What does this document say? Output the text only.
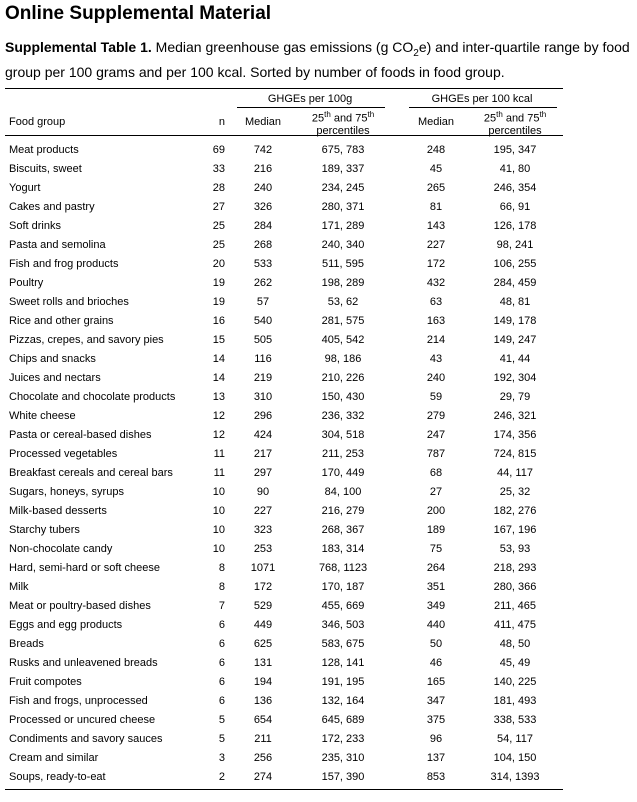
Online Supplemental Material
Supplemental Table 1. Median greenhouse gas emissions (g $CO_2e$) and inter-quartile range by food group per 100 grams and per 100 kcal. Sorted by number of foods in food group.
GHGEs per 100g	GHGEs per 100 kcal
Food group	n	Median	25th and 75th
percentiles
Median	25th and 75th
percentiles
Meat products	69	742	675, 783	248	195, 347
Biscuits, sweet	33	216	189, 337	45	41, 80
Yogurt	28	240	234, 245	265	246, 354
Cakes and pastry	27	326	280, 371	81	66, 91
Soft drinks	25	284	171, 289	143	126, 178
Pasta and semolina	25	268	240, 340	227	98, 241
Fish and frog products	20	533	511, 595	172	106, 255
Poultry	19	262	198, 289	432	284, 459
Sweet rolls and brioches	19	57	53, 62	63	48, 81
Rice and other grains	16	540	281, 575	163	149, 178
Pizzas, crepes, and savory pies	15	505	405, 542	214	149, 247
Chips and snacks	14	116	98, 186	43	41, 44
Juices and nectars	14	219	210, 226	240	192, 304
Chocolate and chocolate products	13	310	150, 430	59	29, 79
White cheese	12	296	236, 332	279	246, 321
Pasta or cereal-based dishes	12	424	304, 518	247	174, 356
Processed vegetables	11	217	211, 253	787	724, 815
Breakfast cereals and cereal bars	11	297	170, 449	68	44, 117
Sugars, honeys, syrups	10	90	84, 100	27	25, 32
Milk-based desserts	10	227	216, 279	200	182, 276
Starchy tubers	10	323	268, 367	189	167, 196
Non-chocolate candy	10	253	183, 314	75	53, 93
Hard, semi-hard or soft cheese	8	1071	768, 1123	264	218, 293
Milk	8	172	170, 187	351	280, 366
Meat or poultry-based dishes	7	529	455, 669	349	211, 465
Eggs and egg products	6	449	346, 503	440	411, 475
Breads	6	625	583, 675	50	48, 50
Rusks and unleavened breads	6	131	128, 141	46	45, 49
Fruit compotes	6	194	191, 195	165	140, 225
Fish and frogs, unprocessed	6	136	132, 164	347	181, 493
Processed or uncured cheese	5	654	645, 689	375	338, 533
Condiments and savory sauces	5	211	172, 233	96	54, 117
Cream and similar	3	256	235, 310	137	104, 150
Soups, ready-to-eat	2	274	157, 390	853	314, 1393
